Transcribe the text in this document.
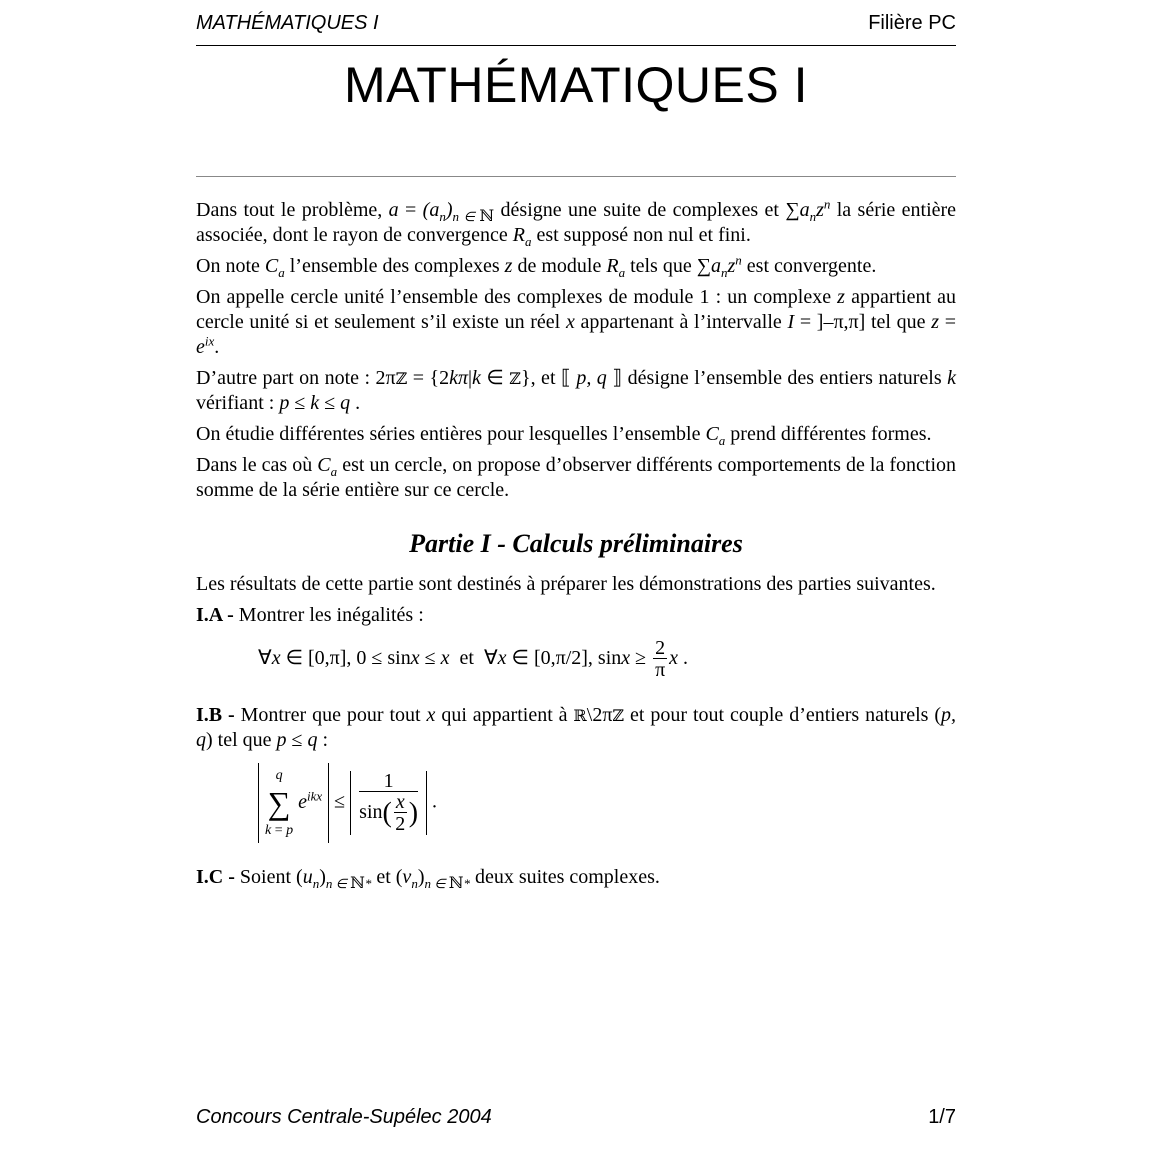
MATHÉMATIQUES I	Filière PC
MATHÉMATIQUES I

Dans tout le problème, $a = (a_n)_{n \in ℕ}$ désigne une suite de complexes et $\sum a_nz^n$ la série entière associée, dont le rayon de convergence $R_a$ est supposé non nul et fini.

On note $C_a$ l’ensemble des complexes z de module $R_a$ tels que $\sum a_nz^n$ est convergente.

On appelle cercle unité l’ensemble des complexes de module 1 : un complexe z appartient au cercle unité si et seulement s’il existe un réel x appartenant à l’intervalle I = ]–π,π] tel que $z = e^{ix}$.

D’autre part on note : 2πℤ = {2kπ|k ∈ ℤ}, et ⟦ p, q ⟧ désigne l’ensemble des entiers naturels k vérifiant : p ≤ k ≤ q .

On étudie différentes séries entières pour lesquelles l’ensemble $C_a$ prend différentes formes.

Dans le cas où $C_a$ est un cercle, on propose d’observer différents comportements de la fonction somme de la série entière sur ce cercle.

Partie I - Calculs préliminaires

Les résultats de cette partie sont destinés à préparer les démonstrations des parties suivantes.

I.A - Montrer les inégalités :

∀x ∈ [0,π], 0 ≤ sinx ≤ x et ∀x ∈ [0,π/2], $\sin x \ge \frac{2}{\pi}$ x .

I.B - Montrer que pour tout x qui appartient à ℝ\2πℤ et pour tout couple d’entiers naturels (p, q) tel que p ≤ q :

q
∑
k = p $e^{ikx} \le \frac{1}{\sin( \frac{x}{2} )}$ .

I.C - Soient $(u_n)_{n \in ℕ*}$ et $(v_n)_{n \in ℕ*}$ deux suites complexes.

Concours Centrale-Supélec 2004	1/7
